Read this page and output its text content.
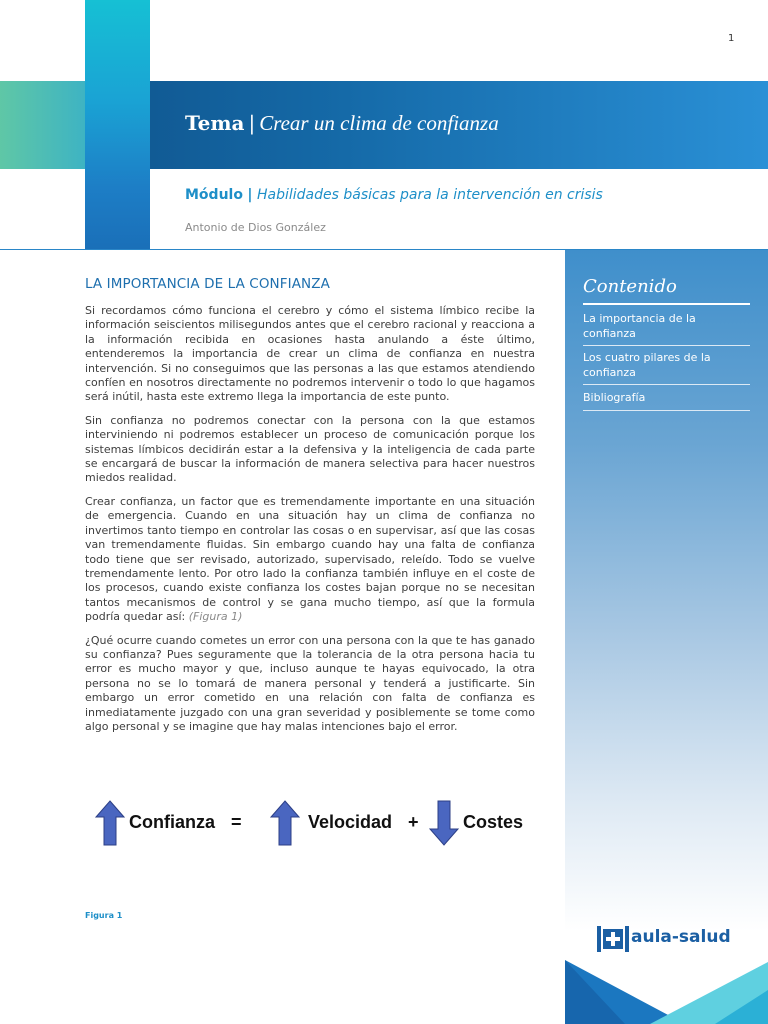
1
Tema | Crear un clima de confianza
Módulo | Habilidades básicas para la intervención en crisis
Antonio de Dios González
LA IMPORTANCIA DE LA CONFIANZA

Si recordamos cómo funciona el cerebro y cómo el sistema límbico recibe la información seiscientos milisegundos antes que el cerebro racional y reacciona a la información recibida en ocasiones hasta anulando a éste último, entenderemos la importancia de crear un clima de confianza en nuestra intervención. Si no conseguimos que las personas a las que estamos atendiendo confíen en nosotros directamente no podremos intervenir o todo lo que hagamos será inútil, hasta este extremo llega la importancia de este punto.

Sin confianza no podremos conectar con la persona con la que estamos interviniendo ni podremos establecer un proceso de comunicación porque los sistemas límbicos decidirán estar a la defensiva y la inteligencia de cada parte se encargará de buscar la información de manera selectiva para hacer nuestros miedos realidad.

Crear confianza, un factor que es tremendamente importante en una situación de emergencia. Cuando en una situación hay un clima de confianza no invertimos tanto tiempo en controlar las cosas o en supervisar, así que las cosas van tremendamente fluidas. Sin embargo cuando hay una falta de confianza todo tiene que ser revisado, autorizado, supervisado, releído. Todo se vuelve tremendamente lento. Por otro lado la confianza también influye en el coste de los procesos, cuando existe confianza los costes bajan porque no se necesitan tantos mecanismos de control y se gana mucho tiempo, así que la formula podría quedar así: (Figura 1)

¿Qué ocurre cuando cometes un error con una persona con la que te has ganado su confianza? Pues seguramente que la tolerancia de la otra persona hacia tu error es mucho mayor y que, incluso aunque te hayas equivocado, la otra persona no se lo tomará de manera personal y tenderá a justificarte. Sin embargo un error cometido en una relación con falta de confianza es inmediatamente juzgado con una gran severidad y posiblemente se tome como algo personal y se imagine que hay malas intenciones bajo el error.

Confianza =	Velocidad + Costes
Figura 1
Contenido
La importancia de la confianza
Los cuatro pilares de la confianza
Bibliografía
aula-salud
